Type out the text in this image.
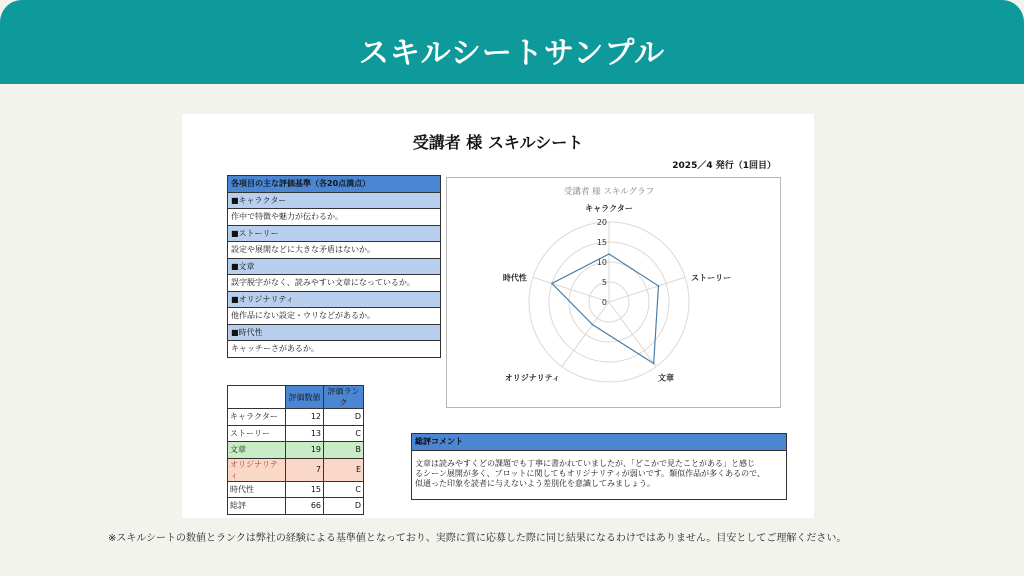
スキルシートサンプル
受講者 様 スキルシート
2025／4 発行（1回目）
各項目の主な評価基準（各20点満点）
■キャラクター
作中で特徴や魅力が伝わるか。
■ストーリー
設定や展開などに大きな矛盾はないか。
■文章
誤字脱字がなく、読みやすい文章になっているか。
■オリジナリティ
他作品にない設定・ウリなどがあるか。
■時代性
キャッチーさがあるか。
受講者 様 スキルグラフ
0
5
10
15
20
キャラクター
ストーリー
文章
オリジナリティ
時代性
	評価数値	評価ランク
キャラクター	12	D
ストーリー	13	C
文章	19	B
オリジナリティ	7	E
時代性	15	C
総評	66	D
総評コメント
文章は読みやすくどの課題でも丁寧に書かれていましたが、「どこかで見たことがある」と感じ
るシーン展開が多く、プロットに関してもオリジナリティが弱いです。類似作品が多くあるので、
似通った印象を読者に与えないよう差別化を意識してみましょう。
※スキルシートの数値とランクは弊社の経験による基準値となっており、実際に賞に応募した際に同じ結果になるわけではありません。目安としてご理解ください。
